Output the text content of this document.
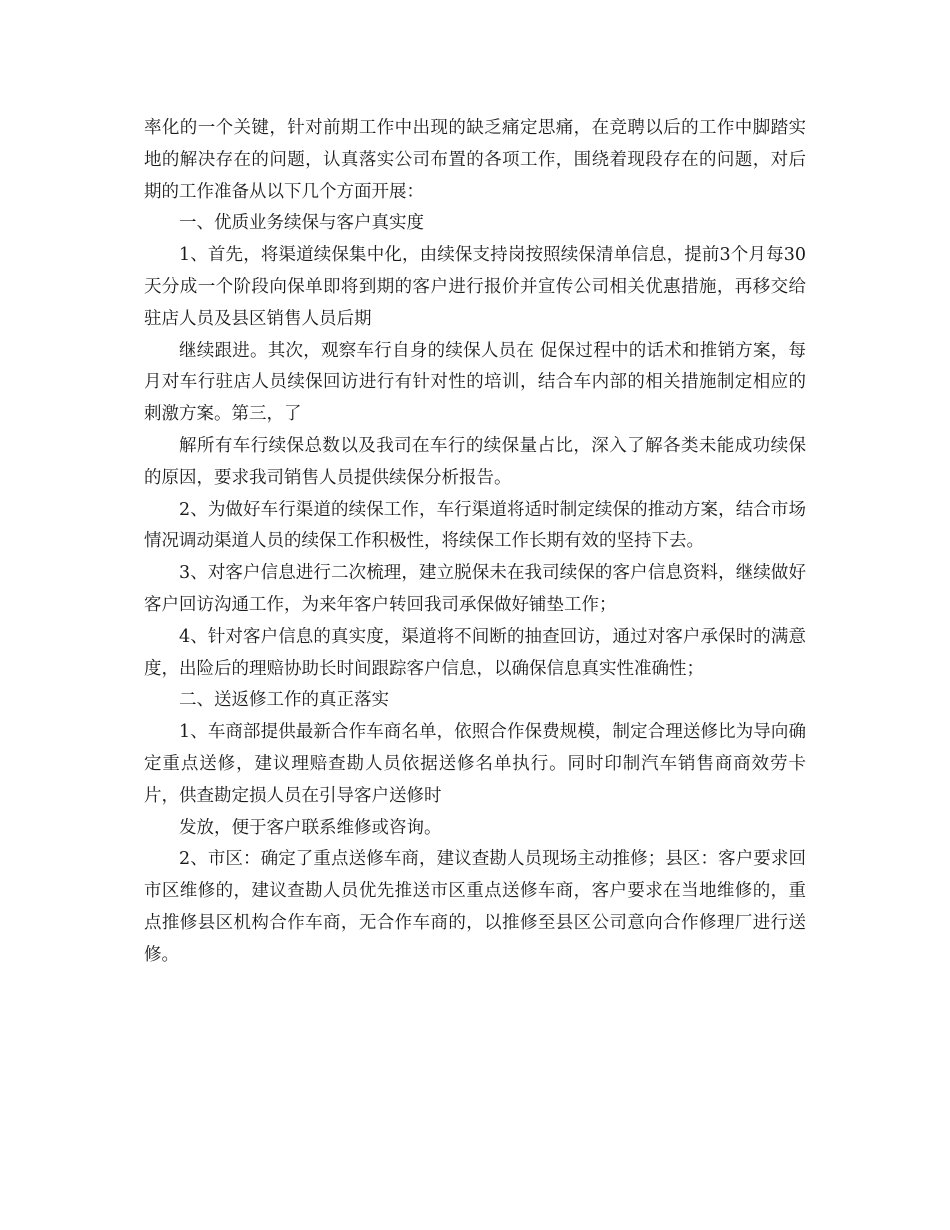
率化的一个关键，针对前期工作中出现的缺乏痛定思痛，在竞聘以后的工作中脚踏实地的解决存在的问题，认真落实公司布置的各项工作，围绕着现段存在的问题，对后期的工作准备从以下几个方面开展：

一、优质业务续保与客户真实度

1、首先，将渠道续保集中化，由续保支持岗按照续保清单信息，提前3个月每30天分成一个阶段向保单即将到期的客户进行报价并宣传公司相关优惠措施，再移交给驻店人员及县区销售人员后期

继续跟进。其次，观察车行自身的续保人员在 促保过程中的话术和推销方案，每月对车行驻店人员续保回访进行有针对性的培训，结合车内部的相关措施制定相应的刺激方案。第三，了

解所有车行续保总数以及我司在车行的续保量占比，深入了解各类未能成功续保的原因，要求我司销售人员提供续保分析报告。

2、为做好车行渠道的续保工作，车行渠道将适时制定续保的推动方案，结合市场情况调动渠道人员的续保工作积极性，将续保工作长期有效的坚持下去。

3、对客户信息进行二次梳理，建立脱保未在我司续保的客户信息资料，继续做好客户回访沟通工作，为来年客户转回我司承保做好铺垫工作；

4、针对客户信息的真实度，渠道将不间断的抽查回访，通过对客户承保时的满意度，出险后的理赔协助长时间跟踪客户信息，以确保信息真实性准确性；

二、送返修工作的真正落实

1、车商部提供最新合作车商名单，依照合作保费规模，制定合理送修比为导向确定重点送修，建议理赔查勘人员依据送修名单执行。同时印制汽车销售商商效劳卡片，供查勘定损人员在引导客户送修时

发放，便于客户联系维修或咨询。

2、市区：确定了重点送修车商，建议查勘人员现场主动推修；县区：客户要求回市区维修的，建议查勘人员优先推送市区重点送修车商，客户要求在当地维修的，重点推修县区机构合作车商，无合作车商的，以推修至县区公司意向合作修理厂进行送修。
